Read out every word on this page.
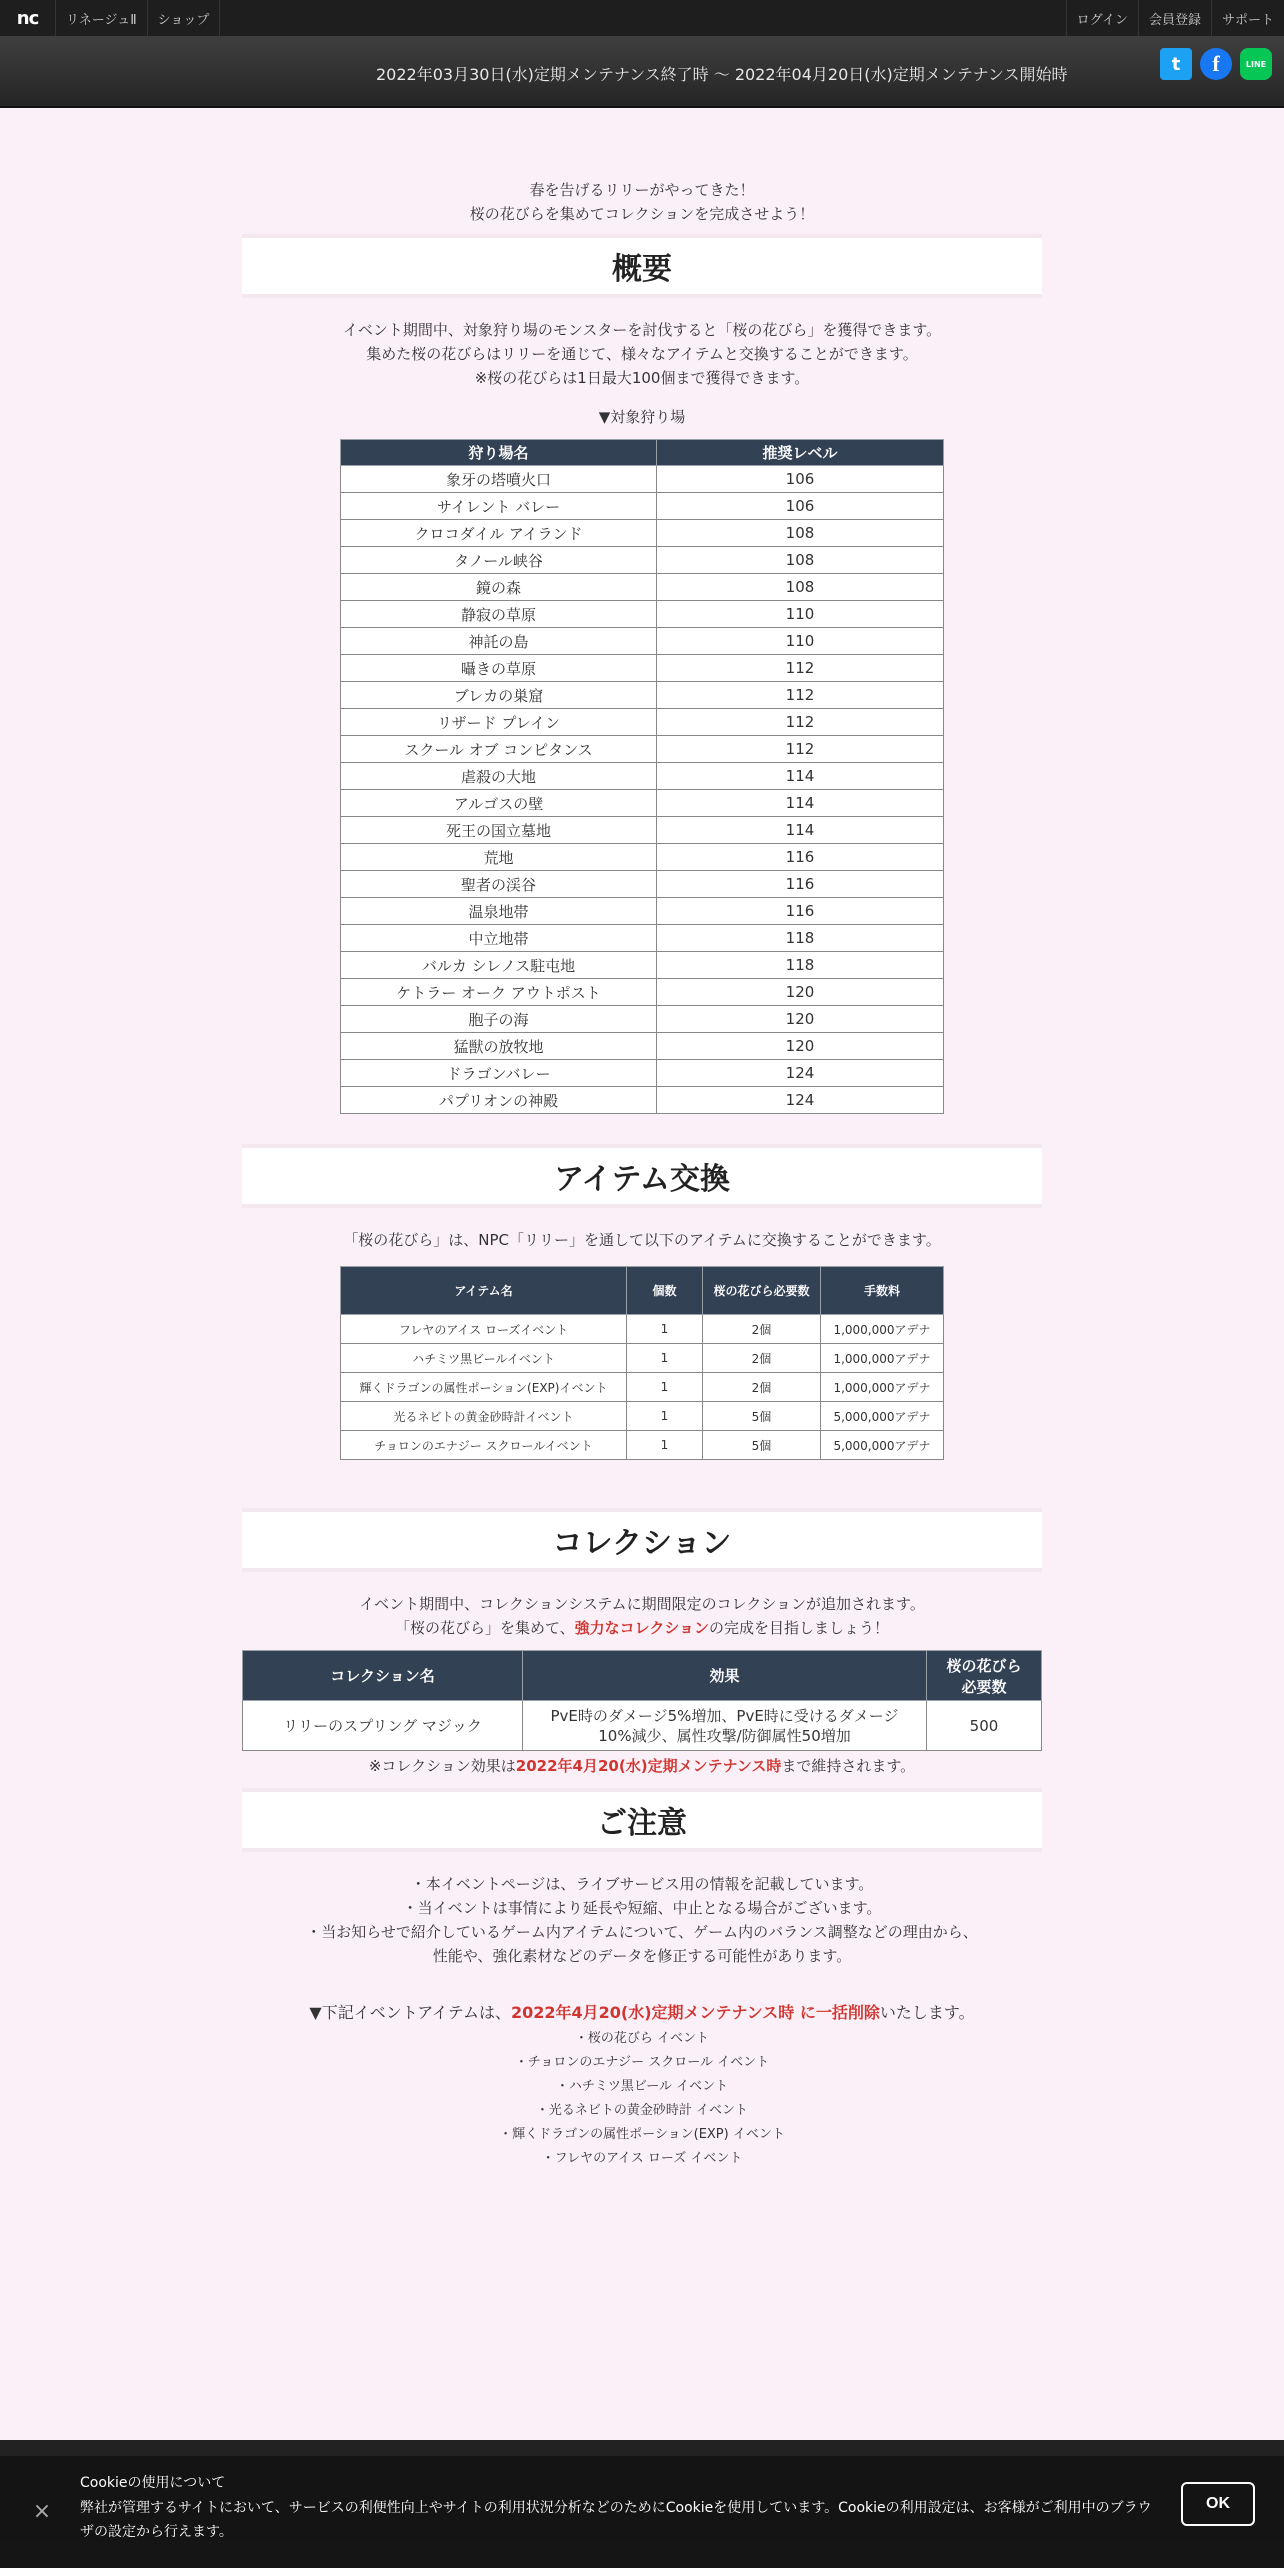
nc	リネージュⅡ	ショップ	ログイン	会員登録	サポート
2022年03月30日(水)定期メンテナンス終了時 〜 2022年04月20日(水)定期メンテナンス開始時	t	f	LINE
春を告げるリリーがやってきた！
桜の花びらを集めてコレクションを完成させよう！
概要
イベント期間中、対象狩り場のモンスターを討伐すると「桜の花びら」を獲得できます。
集めた桜の花びらはリリーを通じて、様々なアイテムと交換することができます。
※桜の花びらは1日最大100個まで獲得できます。
▼対象狩り場
狩り場名	推奨レベル
象牙の塔噴火口	106
サイレント バレー	106
クロコダイル アイランド	108
タノール峡谷	108
鏡の森	108
静寂の草原	110
神託の島	110
囁きの草原	112
ブレカの巣窟	112
リザード プレイン	112
スクール オブ コンピタンス	112
虐殺の大地	114
アルゴスの壁	114
死王の国立墓地	114
荒地	116
聖者の渓谷	116
温泉地帯	116
中立地帯	118
バルカ シレノス駐屯地	118
ケトラー オーク アウトポスト	120
胞子の海	120
猛獣の放牧地	120
ドラゴンバレー	124
パプリオンの神殿	124
アイテム交換
「桜の花びら」は、NPC「リリー」を通して以下のアイテムに交換することができます。
アイテム名	個数	桜の花びら必要数	手数料
フレヤのアイス ローズイベント	1	2個	1,000,000アデナ
ハチミツ黒ビールイベント	1	2個	1,000,000アデナ
輝くドラゴンの属性ポーション(EXP)イベント	1	2個	1,000,000アデナ
光るネビトの黄金砂時計イベント	1	5個	5,000,000アデナ
チョロンのエナジー スクロールイベント	1	5個	5,000,000アデナ
コレクション
イベント期間中、コレクションシステムに期間限定のコレクションが追加されます。
「桜の花びら」を集めて、強力なコレクションの完成を目指しましょう！
コレクション名	効果	桜の花びら
必要数

リリーのスプリング マジック	PvE時のダメージ5%増加、PvE時に受けるダメージ
10%減少、属性攻撃/防御属性50増加	500
※コレクション効果は2022年4月20(水)定期メンテナンス時まで維持されます。
ご注意
・本イベントページは、ライブサービス用の情報を記載しています。
・当イベントは事情により延長や短縮、中止となる場合がございます。
・当お知らせで紹介しているゲーム内アイテムについて、ゲーム内のバランス調整などの理由から、
性能や、強化素材などのデータを修正する可能性があります。
▼下記イベントアイテムは、2022年4月20(水)定期メンテナンス時 に一括削除いたします。
・桜の花びら イベント
・チョロンのエナジー スクロール イベント
・ハチミツ黒ビール イベント
・光るネビトの黄金砂時計 イベント
・輝くドラゴンの属性ポーション(EXP) イベント
・フレヤのアイス ローズ イベント
×
Cookieの使用について
弊社が管理するサイトにおいて、サービスの利便性向上やサイトの利用状況分析などのためにCookieを使用しています。Cookieの利用設定は、お客様がご利用中のブラウザの設定から行えます。
OK
